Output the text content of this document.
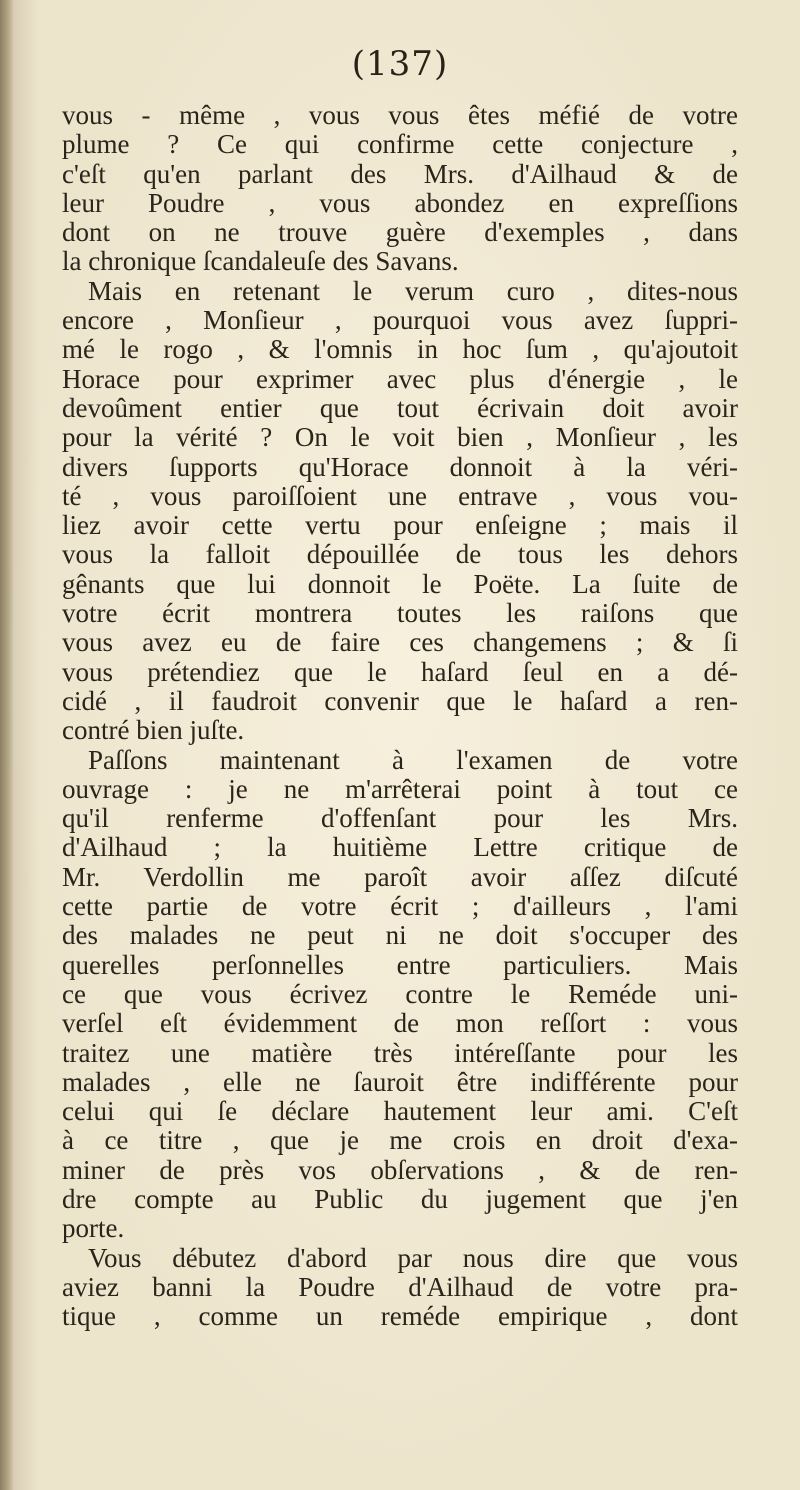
(137)
vous - même , vous vous êtes méfié de votre
plume ? Ce qui confirme cette conjecture ,
c'eſt qu'en parlant des Mrs. d'Ailhaud & de
leur Poudre , vous abondez en expreſſions
dont on ne trouve guère d'exemples , dans
la chronique ſcandaleuſe des Savans.
Mais en retenant le verum curo , dites-nous
encore , Monſieur , pourquoi vous avez ſupprі-
mé le rogo , & l'omnis in hoc ſum , qu'ajoutoit
Horace pour exprimer avec plus d'énergie , le
devoûment entier que tout écrivain doit avoir
pour la vérité ? On le voit bien , Monſieur , les
divers ſupports qu'Horace donnoit à la véri-
té , vous paroiſſoient une entrave , vous vou-
liez avoir cette vertu pour enſeigne ; mais il
vous la falloit dépouillée de tous les dehors
gênants que lui donnoit le Poëte. La ſuite de
votre écrit montrera toutes les raiſons que
vous avez eu de faire ces changemens ; & ſi
vous prétendiez que le haſard ſeul en a dé-
cidé , il faudroit convenir que le haſard a ren-
contré bien juſte.
Paſſons maintenant à l'examen de votre
ouvrage : je ne m'arrêterai point à tout ce
qu'il renferme d'offenſant pour les Mrs.
d'Ailhaud ; la huitième Lettre critique de
Mr. Verdollin me paroît avoir aſſez diſcuté
cette partie de votre écrit ; d'ailleurs , l'ami
des malades ne peut ni ne doit s'occuper des
querelles perſonnelles entre particuliers. Mais
ce que vous écrivez contre le Reméde uni-
verſel eſt évidemment de mon reſſort : vous
traitez une matière très intéreſſante pour les
malades , elle ne ſauroit être indifférente pour
celui qui ſe déclare hautement leur ami. C'eſt
à ce titre , que je me crois en droit d'exa-
miner de près vos obſervations , & de ren-
dre compte au Public du jugement que j'en
porte.
Vous débutez d'abord par nous dire que vous
aviez banni la Poudre d'Ailhaud de votre pra-
tique , comme un reméde empirique , dont
